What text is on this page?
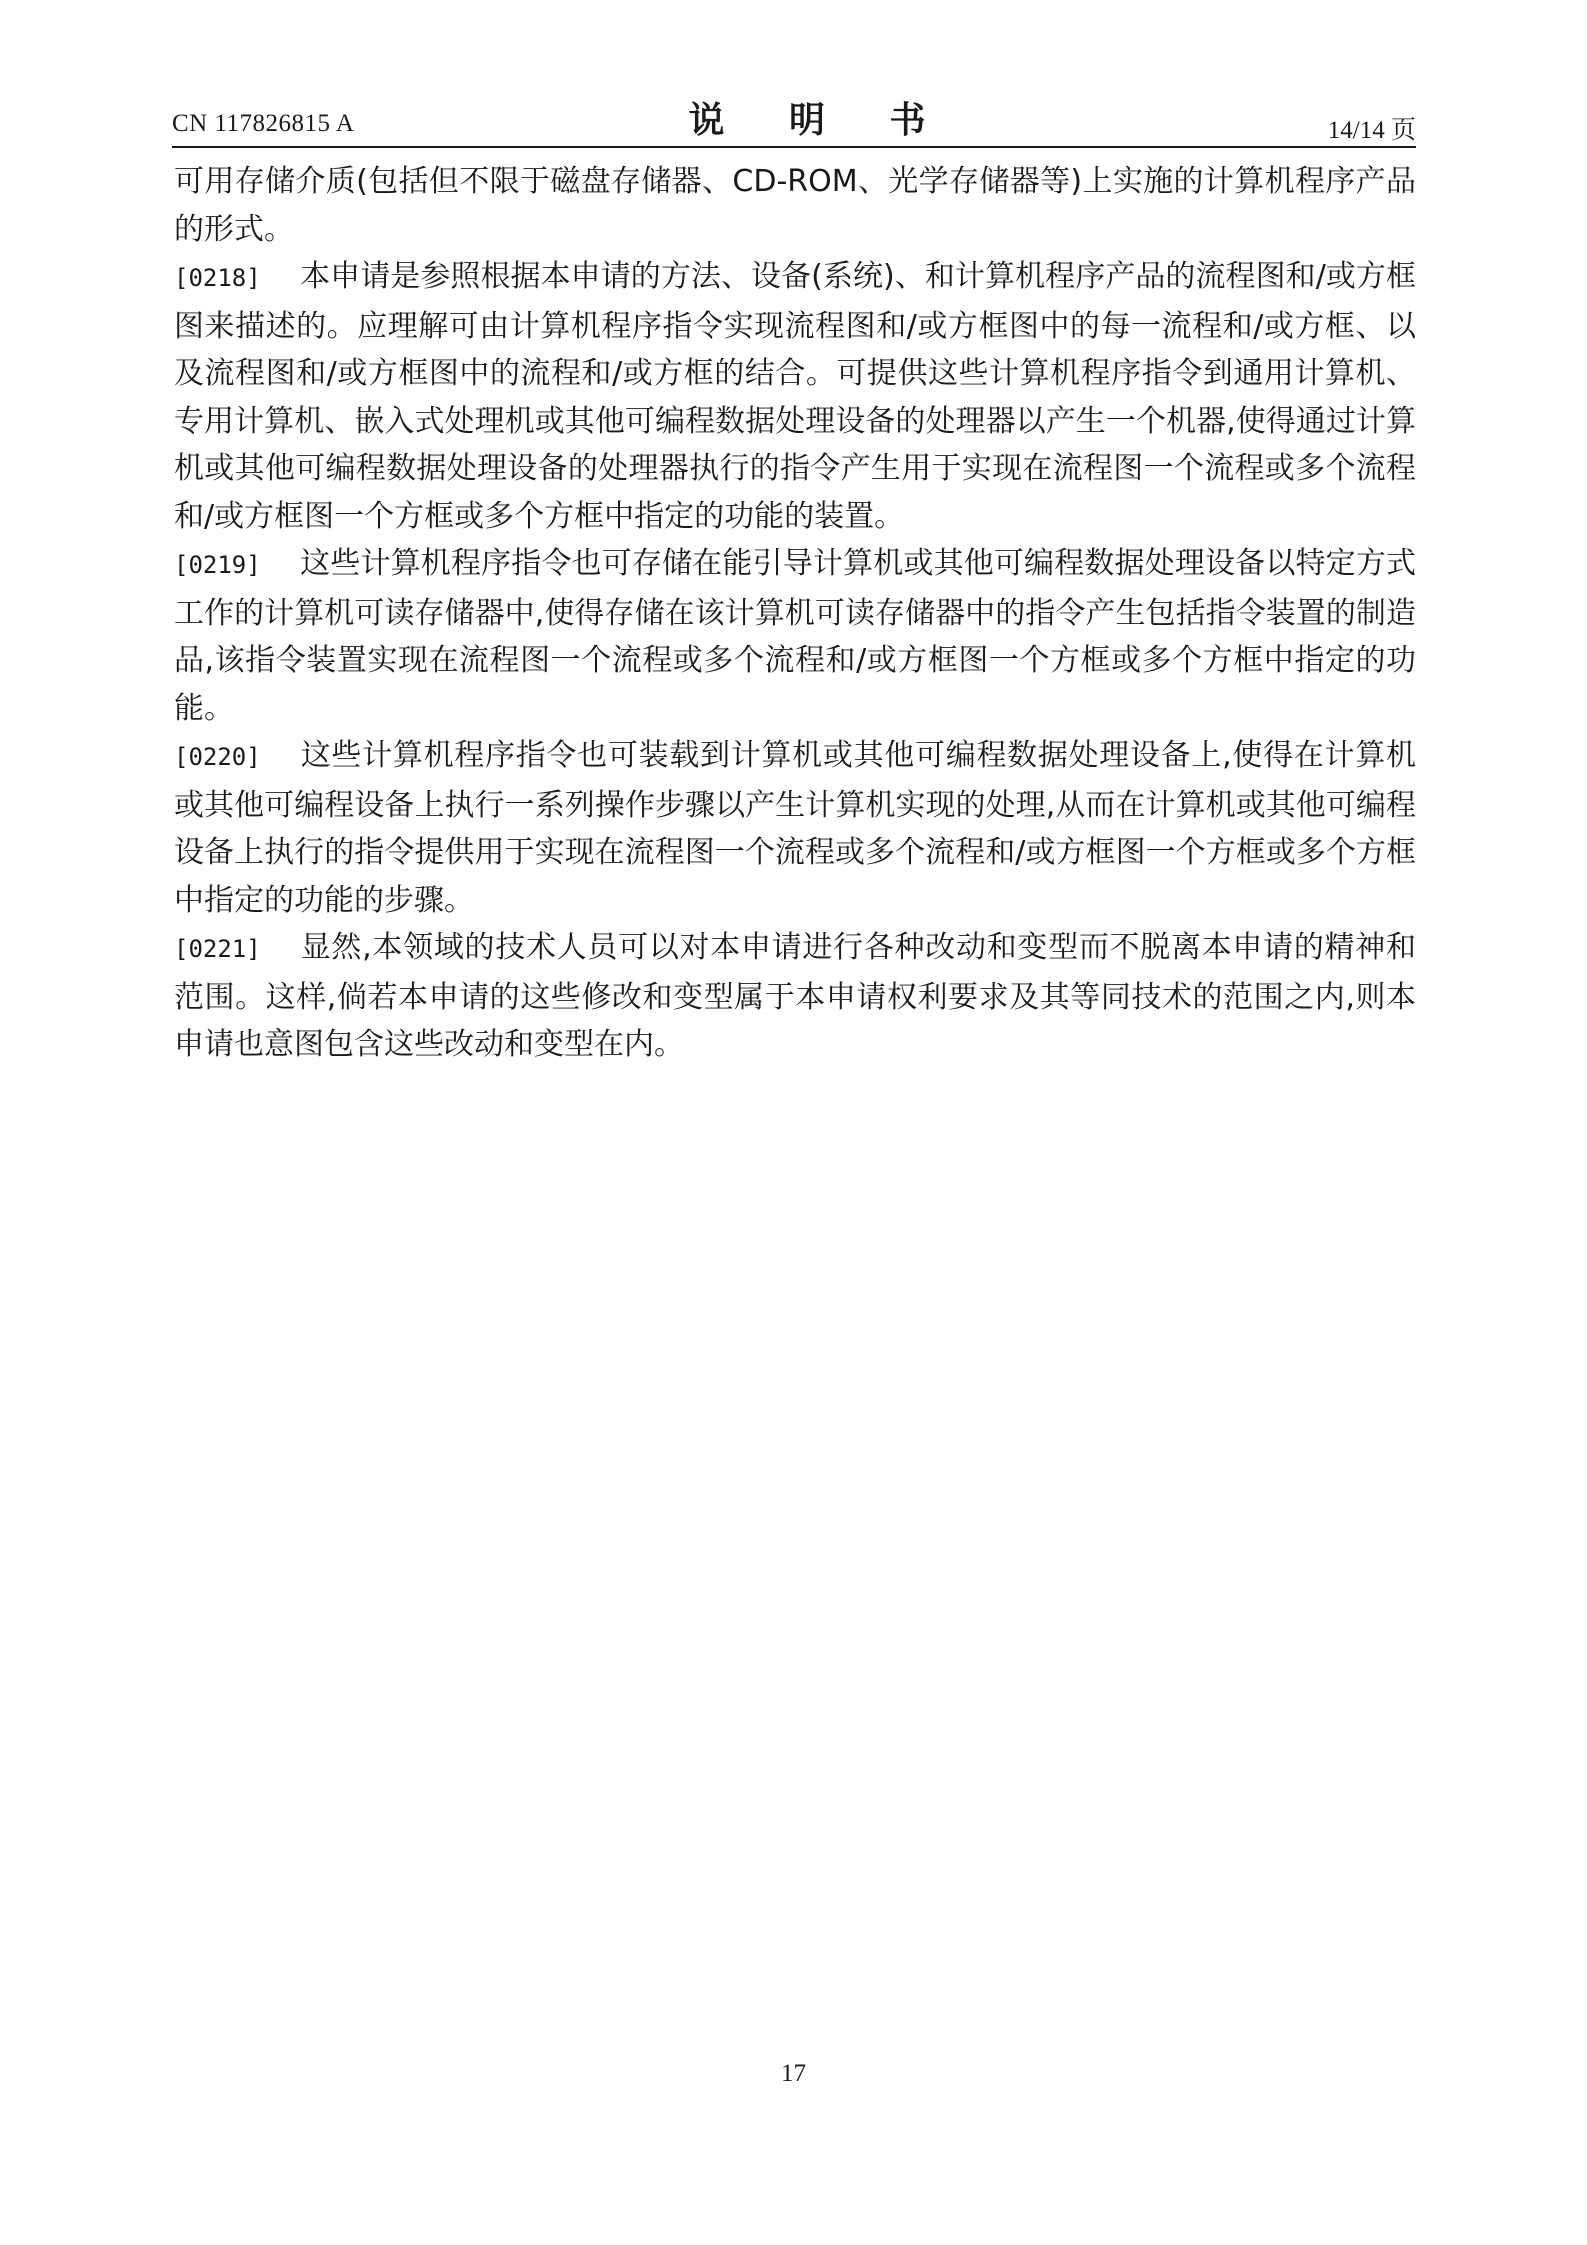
CN 117826815 A	说 明 书	14/14 页

可用存储介质(包括但不限于磁盘存储器、CD-ROM、光学存储器等)上实施的计算机程序产品的形式。

[0218] 本申请是参照根据本申请的方法、设备(系统)、和计算机程序产品的流程图和/或方框图来描述的。应理解可由计算机程序指令实现流程图和/或方框图中的每一流程和/或方框、以及流程图和/或方框图中的流程和/或方框的结合。可提供这些计算机程序指令到通用计算机、专用计算机、嵌入式处理机或其他可编程数据处理设备的处理器以产生一个机器,使得通过计算机或其他可编程数据处理设备的处理器执行的指令产生用于实现在流程图一个流程或多个流程和/或方框图一个方框或多个方框中指定的功能的装置。

[0219] 这些计算机程序指令也可存储在能引导计算机或其他可编程数据处理设备以特定方式工作的计算机可读存储器中,使得存储在该计算机可读存储器中的指令产生包括指令装置的制造品,该指令装置实现在流程图一个流程或多个流程和/或方框图一个方框或多个方框中指定的功能。

[0220] 这些计算机程序指令也可装载到计算机或其他可编程数据处理设备上,使得在计算机或其他可编程设备上执行一系列操作步骤以产生计算机实现的处理,从而在计算机或其他可编程设备上执行的指令提供用于实现在流程图一个流程或多个流程和/或方框图一个方框或多个方框中指定的功能的步骤。

[0221] 显然,本领域的技术人员可以对本申请进行各种改动和变型而不脱离本申请的精神和范围。这样,倘若本申请的这些修改和变型属于本申请权利要求及其等同技术的范围之内,则本申请也意图包含这些改动和变型在内。

17
